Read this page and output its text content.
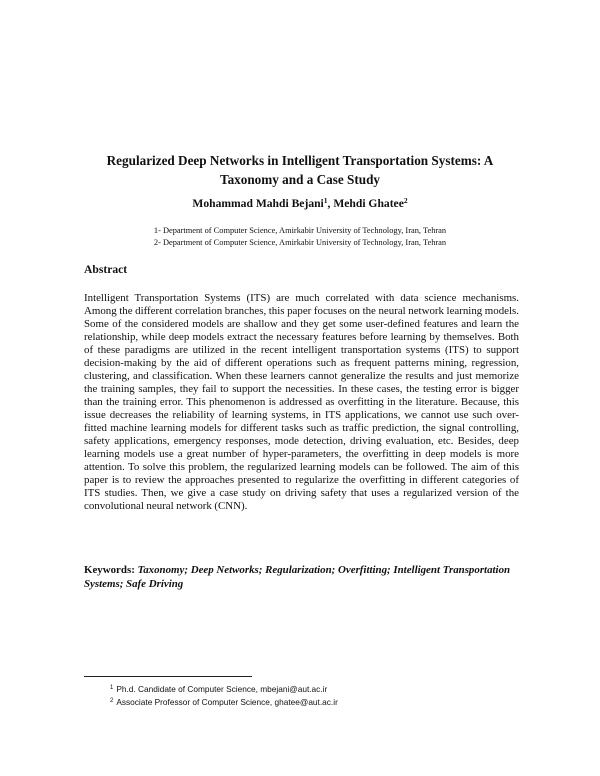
Regularized Deep Networks in Intelligent Transportation Systems: A
Taxonomy and a Case Study
Mohammad Mahdi Bejani$^1$, Mehdi Ghatee$^2$
1- Department of Computer Science, Amirkabir University of Technology, Iran, Tehran
2- Department of Computer Science, Amirkabir University of Technology, Iran, Tehran
Abstract

Intelligent Transportation Systems (ITS) are much correlated with data science mechanisms. Among the different correlation branches, this paper focuses on the neural network learning models. Some of the considered models are shallow and they get some user-defined features and learn the relationship, while deep models extract the necessary features before learning by themselves. Both of these paradigms are utilized in the recent intelligent transportation systems (ITS) to support decision-making by the aid of different operations such as frequent patterns mining, regression, clustering, and classification. When these learners cannot generalize the results and just memorize the training samples, they fail to support the necessities. In these cases, the testing error is bigger than the training error. This phenomenon is addressed as overfitting in the literature. Because, this issue decreases the reliability of learning systems, in ITS applications, we cannot use such over-fitted machine learning models for different tasks such as traffic prediction, the signal controlling, safety applications, emergency responses, mode detection, driving evaluation, etc. Besides, deep learning models use a great number of hyper-parameters, the overfitting in deep models is more attention. To solve this problem, the regularized learning models can be followed. The aim of this paper is to review the approaches presented to regularize the overfitting in different categories of ITS studies. Then, we give a case study on driving safety that uses a regularized version of the convolutional neural network (CNN).

Keywords: Taxonomy; Deep Networks; Regularization; Overfitting; Intelligent Transportation Systems; Safe Driving

$^1$ Ph.d. Candidate of Computer Science, mbejani@aut.ac.ir
$^2$ Associate Professor of Computer Science, ghatee@aut.ac.ir
